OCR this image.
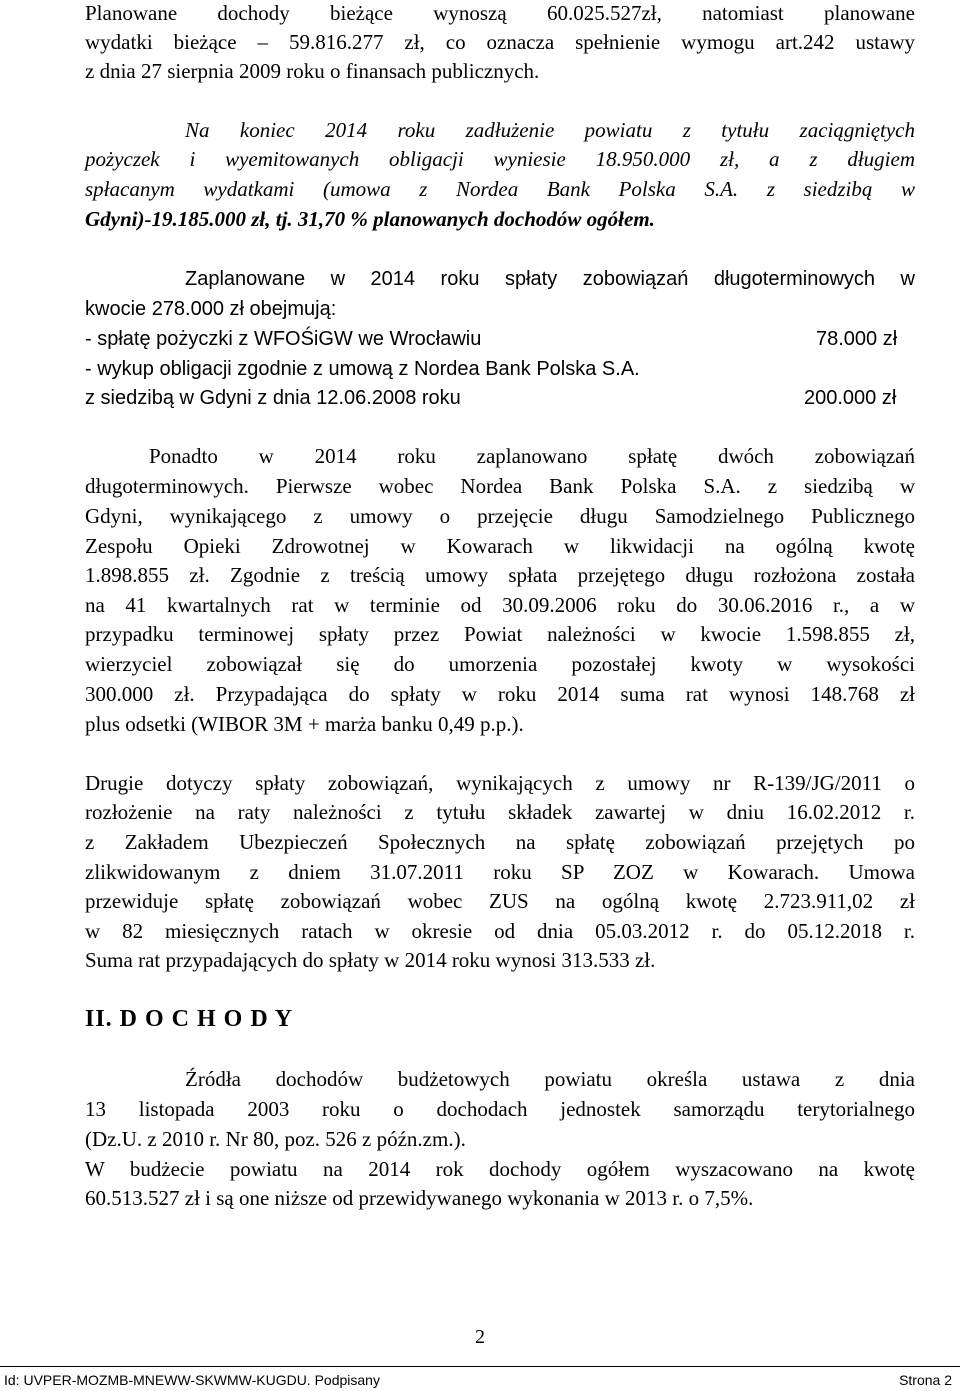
Planowane dochody bieżące wynoszą 60.025.527zł, natomiast planowane
wydatki bieżące – 59.816.277 zł, co oznacza spełnienie wymogu art.242 ustawy
z dnia 27 sierpnia 2009 roku o finansach publicznych.
Na koniec 2014 roku zadłużenie powiatu z tytułu zaciągniętych
pożyczek i wyemitowanych obligacji wyniesie 18.950.000 zł, a z długiem
spłacanym wydatkami (umowa z Nordea Bank Polska S.A. z siedzibą w
Gdyni)-19.185.000 zł, tj. 31,70 % planowanych dochodów ogółem.
Zaplanowane w 2014 roku spłaty zobowiązań długoterminowych w
kwocie 278.000 zł obejmują:
- spłatę pożyczki z WFOŚiGW we Wrocławiu	78.000 zł
- wykup obligacji zgodnie z umową z Nordea Bank Polska S.A.
z siedzibą w Gdyni z dnia 12.06.2008 roku	200.000 zł
Ponadto w 2014 roku zaplanowano spłatę dwóch zobowiązań
długoterminowych. Pierwsze wobec Nordea Bank Polska S.A. z siedzibą w
Gdyni, wynikającego z umowy o przejęcie długu Samodzielnego Publicznego
Zespołu Opieki Zdrowotnej w Kowarach w likwidacji na ogólną kwotę
1.898.855 zł. Zgodnie z treścią umowy spłata przejętego długu rozłożona została
na 41 kwartalnych rat w terminie od 30.09.2006 roku do 30.06.2016 r., a w
przypadku terminowej spłaty przez Powiat należności w kwocie 1.598.855 zł,
wierzyciel zobowiązał się do umorzenia pozostałej kwoty w wysokości
300.000 zł. Przypadająca do spłaty w roku 2014 suma rat wynosi 148.768 zł
plus odsetki (WIBOR 3M + marża banku 0,49 p.p.).
Drugie dotyczy spłaty zobowiązań, wynikających z umowy nr R-139/JG/2011 o
rozłożenie na raty należności z tytułu składek zawartej w dniu 16.02.2012 r.
z Zakładem Ubezpieczeń Społecznych na spłatę zobowiązań przejętych po
zlikwidowanym z dniem 31.07.2011 roku SP ZOZ w Kowarach. Umowa
przewiduje spłatę zobowiązań wobec ZUS na ogólną kwotę 2.723.911,02 zł
w 82 miesięcznych ratach w okresie od dnia 05.03.2012 r. do 05.12.2018 r.
Suma rat przypadających do spłaty w 2014 roku wynosi 313.533 zł.
II. D O C H O D Y
Źródła dochodów budżetowych powiatu określa ustawa z dnia
13 listopada 2003 roku o dochodach jednostek samorządu terytorialnego
(Dz.U. z 2010 r. Nr 80, poz. 526 z późn.zm.).
W budżecie powiatu na 2014 rok dochody ogółem wyszacowano na kwotę
60.513.527 zł i są one niższe od przewidywanego wykonania w 2013 r. o 7,5%.
2
Id: UVPER-MOZMB-MNEWW-SKWMW-KUGDU. Podpisany	Strona 2
